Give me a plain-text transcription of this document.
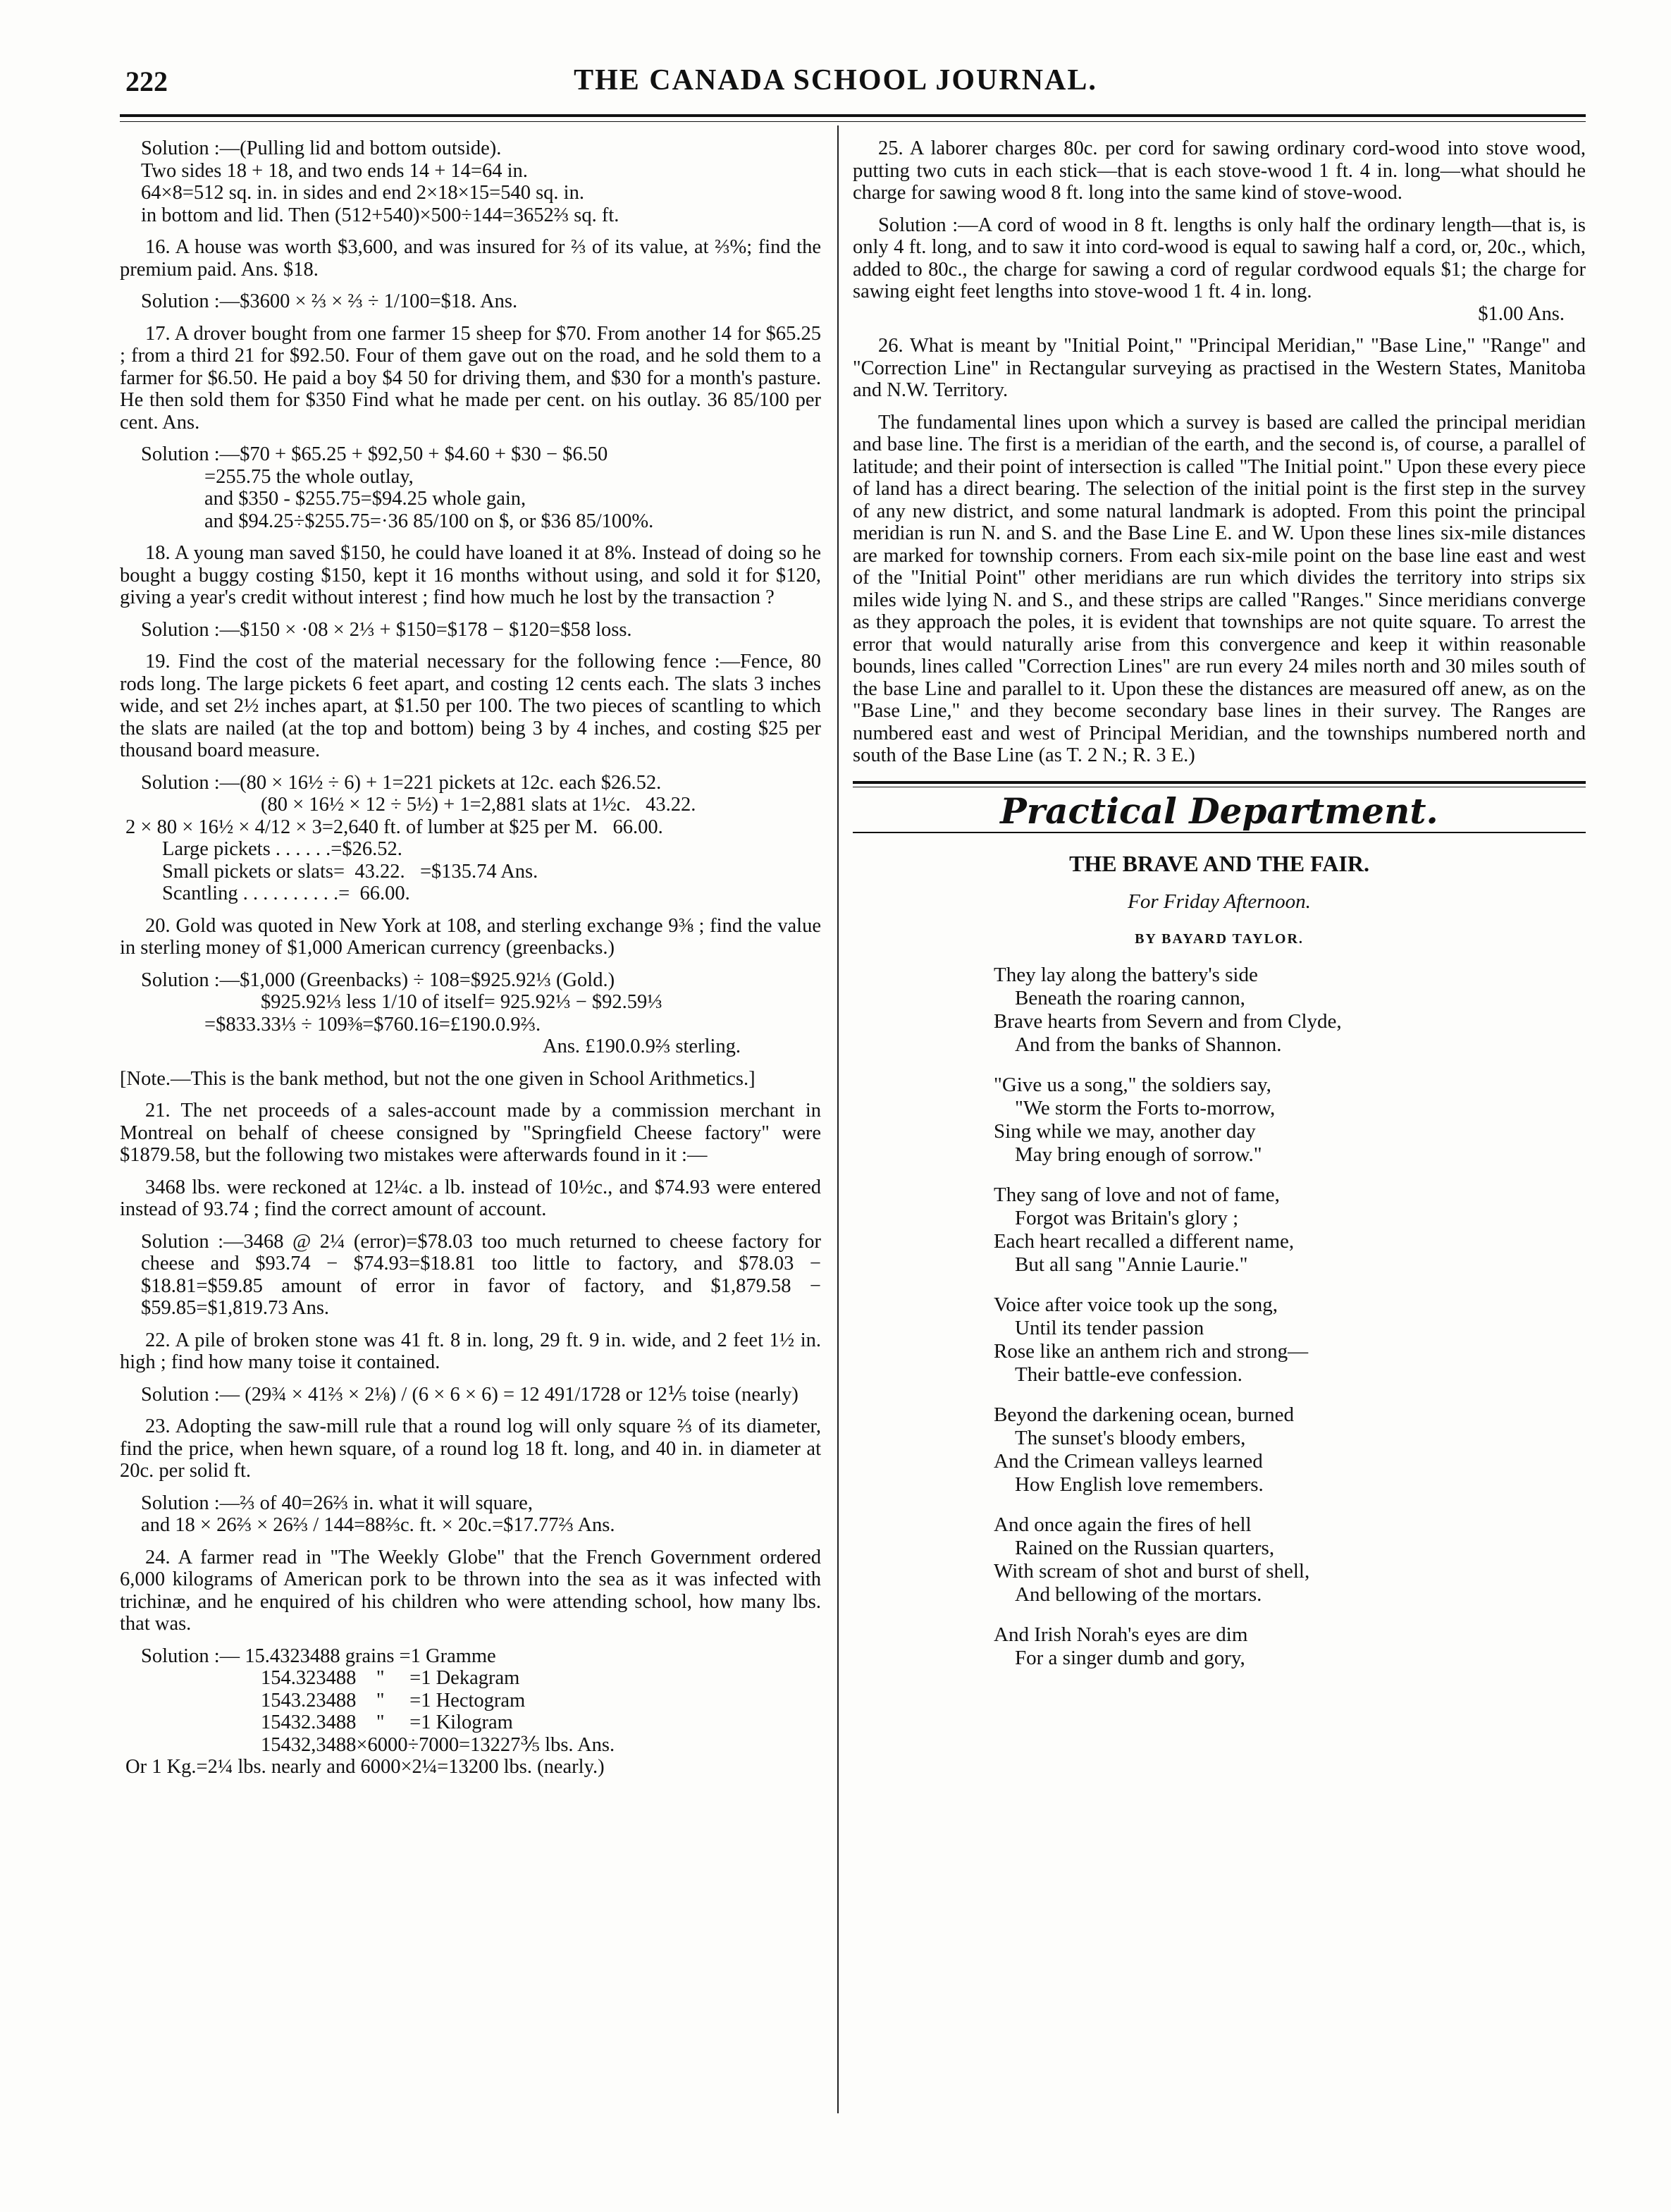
222	THE CANADA SCHOOL JOURNAL.
Solution :—(Pulling lid and bottom outside).
Two sides 18 + 18, and two ends 14 + 14=64 in.
64×8=512 sq. in. in sides and end 2×18×15=540 sq. in.
in bottom and lid. Then (512+540)×500÷144=3652⅔ sq. ft.

16. A house was worth $3,600, and was insured for ⅔ of its value, at ⅔%; find the premium paid. Ans. $18.

Solution :—$3600 × ⅔ × ⅔ ÷ 1/100=$18. Ans.

17. A drover bought from one farmer 15 sheep for $70. From another 14 for $65.25 ; from a third 21 for $92.50. Four of them gave out on the road, and he sold them to a farmer for $6.50. He paid a boy $4 50 for driving them, and $30 for a month's pasture. He then sold them for $350 Find what he made per cent. on his outlay. 36 85/100 per cent. Ans.

Solution :—$70 + $65.25 + $92,50 + $4.60 + $30 − $6.50
=255.75 the whole outlay,
and $350 - $255.75=$94.25 whole gain,
and $94.25÷$255.75=·36 85/100 on $, or $36 85/100%.

18. A young man saved $150, he could have loaned it at 8%. Instead of doing so he bought a buggy costing $150, kept it 16 months without using, and sold it for $120, giving a year's credit without interest ; find how much he lost by the transaction ?

Solution :—$150 × ·08 × 2⅓ + $150=$178 − $120=$58 loss.

19. Find the cost of the material necessary for the following fence :—Fence, 80 rods long. The large pickets 6 feet apart, and costing 12 cents each. The slats 3 inches wide, and set 2½ inches apart, at $1.50 per 100. The two pieces of scantling to which the slats are nailed (at the top and bottom) being 3 by 4 inches, and costing $25 per thousand board measure.

Solution :—(80 × 16½ ÷ 6) + 1=221 pickets at 12c. each $26.52.
(80 × 16½ × 12 ÷ 5½) + 1=2,881 slats at 1½c.   43.22.
2 × 80 × 16½ × 4/12 × 3=2,640 ft. of lumber at $25 per M.   66.00.
Large pickets . . . . . .=$26.52.
Small pickets or slats=  43.22.   =$135.74 Ans.
Scantling . . . . . . . . . .=  66.00.

20. Gold was quoted in New York at 108, and sterling exchange 9⅜ ; find the value in sterling money of $1,000 American currency (greenbacks.)

Solution :—$1,000 (Greenbacks) ÷ 108=$925.92⅓ (Gold.)
$925.92⅓ less 1/10 of itself= 925.92⅓ − $92.59⅓
=$833.33⅓ ÷ 109⅜=$760.16=£190.0.9⅔.
Ans. £190.0.9⅔ sterling.

[Note.—This is the bank method, but not the one given in School Arithmetics.]

21. The net proceeds of a sales-account made by a commission merchant in Montreal on behalf of cheese consigned by "Springfield Cheese factory" were $1879.58, but the following two mistakes were afterwards found in it :—

3468 lbs. were reckoned at 12¼c. a lb. instead of 10½c., and $74.93 were entered instead of 93.74 ; find the correct amount of account.

Solution :—3468 @ 2¼ (error)=$78.03 too much returned to cheese factory for cheese and $93.74 − $74.93=$18.81 too little to factory, and $78.03 − $18.81=$59.85 amount of error in favor of factory, and $1,879.58 − $59.85=$1,819.73 Ans.

22. A pile of broken stone was 41 ft. 8 in. long, 29 ft. 9 in. wide, and 2 feet 1½ in. high ; find how many toise it contained.

Solution :— (29¾ × 41⅔ × 2⅛) / (6 × 6 × 6) = 12 491/1728 or 12⅕ toise (nearly)

23. Adopting the saw-mill rule that a round log will only square ⅔ of its diameter, find the price, when hewn square, of a round log 18 ft. long, and 40 in. in diameter at 20c. per solid ft.

Solution :—⅔ of 40=26⅔ in. what it will square,
and 18 × 26⅔ × 26⅔ / 144=88⅔c. ft. × 20c.=$17.77⅔ Ans.

24. A farmer read in "The Weekly Globe" that the French Government ordered 6,000 kilograms of American pork to be thrown into the sea as it was infected with trichinæ, and he enquired of his children who were attending school, how many lbs. that was.

Solution :— 15.4323488 grains =1 Gramme
154.323488    "     =1 Dekagram
1543.23488    "     =1 Hectogram
15432.3488    "     =1 Kilogram
15432,3488×6000÷7000=13227⅗ lbs. Ans.
Or 1 Kg.=2¼ lbs. nearly and 6000×2¼=13200 lbs. (nearly.)

25. A laborer charges 80c. per cord for sawing ordinary cord-wood into stove wood, putting two cuts in each stick—that is each stove-wood 1 ft. 4 in. long—what should he charge for sawing wood 8 ft. long into the same kind of stove-wood.

Solution :—A cord of wood in 8 ft. lengths is only half the ordinary length—that is, is only 4 ft. long, and to saw it into cord-wood is equal to sawing half a cord, or, 20c., which, added to 80c., the charge for sawing a cord of regular cordwood equals $1; the charge for sawing eight feet lengths into stove-wood 1 ft. 4 in. long.

$1.00 Ans.

26. What is meant by "Initial Point," "Principal Meridian," "Base Line," "Range" and "Correction Line" in Rectangular surveying as practised in the Western States, Manitoba and N.W. Territory.

The fundamental lines upon which a survey is based are called the principal meridian and base line. The first is a meridian of the earth, and the second is, of course, a parallel of latitude; and their point of intersection is called "The Initial point." Upon these every piece of land has a direct bearing. The selection of the initial point is the first step in the survey of any new district, and some natural landmark is adopted. From this point the principal meridian is run N. and S. and the Base Line E. and W. Upon these lines six-mile distances are marked for township corners. From each six-mile point on the base line east and west of the "Initial Point" other meridians are run which divides the territory into strips six miles wide lying N. and S., and these strips are called "Ranges." Since meridians converge as they approach the poles, it is evident that townships are not quite square. To arrest the error that would naturally arise from this convergence and keep it within reasonable bounds, lines called "Correction Lines" are run every 24 miles north and 30 miles south of the base Line and parallel to it. Upon these the distances are measured off anew, as on the "Base Line," and they become secondary base lines in their survey. The Ranges are numbered east and west of Principal Meridian, and the townships numbered north and south of the Base Line (as T. 2 N.; R. 3 E.)

Practical Department.
THE BRAVE AND THE FAIR.
For Friday Afternoon.
BY BAYARD TAYLOR.
They lay along the battery's side
Beneath the roaring cannon,
Brave hearts from Severn and from Clyde,
And from the banks of Shannon.
"Give us a song," the soldiers say,
"We storm the Forts to-morrow,
Sing while we may, another day
May bring enough of sorrow."
They sang of love and not of fame,
Forgot was Britain's glory ;
Each heart recalled a different name,
But all sang "Annie Laurie."
Voice after voice took up the song,
Until its tender passion
Rose like an anthem rich and strong—
Their battle-eve confession.
Beyond the darkening ocean, burned
The sunset's bloody embers,
And the Crimean valleys learned
How English love remembers.
And once again the fires of hell
Rained on the Russian quarters,
With scream of shot and burst of shell,
And bellowing of the mortars.
And Irish Norah's eyes are dim
For a singer dumb and gory,
